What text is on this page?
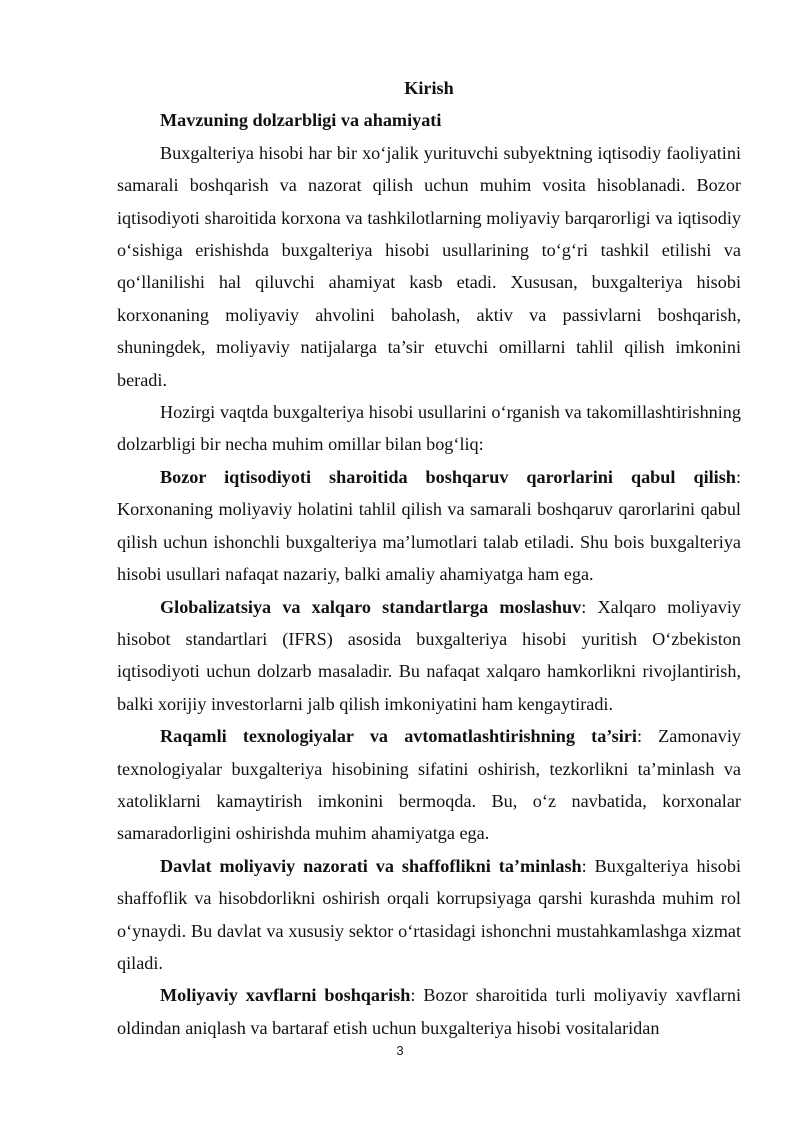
Kirish

Mavzuning dolzarbligi va ahamiyati

Buxgalteriya hisobi har bir xo‘jalik yurituvchi subyektning iqtisodiy faoliyatini samarali boshqarish va nazorat qilish uchun muhim vosita hisoblanadi. Bozor iqtisodiyoti sharoitida korxona va tashkilotlarning moliyaviy barqarorligi va iqtisodiy o‘sishiga erishishda buxgalteriya hisobi usullarining to‘g‘ri tashkil etilishi va qo‘llanilishi hal qiluvchi ahamiyat kasb etadi. Xususan, buxgalteriya hisobi korxonaning moliyaviy ahvolini baholash, aktiv va passivlarni boshqarish, shuningdek, moliyaviy natijalarga ta’sir etuvchi omillarni tahlil qilish imkonini beradi.

Hozirgi vaqtda buxgalteriya hisobi usullarini o‘rganish va takomillashtirishning dolzarbligi bir necha muhim omillar bilan bog‘liq:

Bozor iqtisodiyoti sharoitida boshqaruv qarorlarini qabul qilish: Korxonaning moliyaviy holatini tahlil qilish va samarali boshqaruv qarorlarini qabul qilish uchun ishonchli buxgalteriya ma’lumotlari talab etiladi. Shu bois buxgalteriya hisobi usullari nafaqat nazariy, balki amaliy ahamiyatga ham ega.

Globalizatsiya va xalqaro standartlarga moslashuv: Xalqaro moliyaviy hisobot standartlari (IFRS) asosida buxgalteriya hisobi yuritish O‘zbekiston iqtisodiyoti uchun dolzarb masaladir. Bu nafaqat xalqaro hamkorlikni rivojlantirish, balki xorijiy investorlarni jalb qilish imkoniyatini ham kengaytiradi.

Raqamli texnologiyalar va avtomatlashtirishning ta’siri: Zamonaviy texnologiyalar buxgalteriya hisobining sifatini oshirish, tezkorlikni ta’minlash va xatoliklarni kamaytirish imkonini bermoqda. Bu, o‘z navbatida, korxonalar samaradorligini oshirishda muhim ahamiyatga ega.

Davlat moliyaviy nazorati va shaffoflikni ta’minlash: Buxgalteriya hisobi shaffoflik va hisobdorlikni oshirish orqali korrupsiyaga qarshi kurashda muhim rol o‘ynaydi. Bu davlat va xususiy sektor o‘rtasidagi ishonchni mustahkamlashga xizmat qiladi.

Moliyaviy xavflarni boshqarish: Bozor sharoitida turli moliyaviy xavflarni oldindan aniqlash va bartaraf etish uchun buxgalteriya hisobi vositalaridan

3
